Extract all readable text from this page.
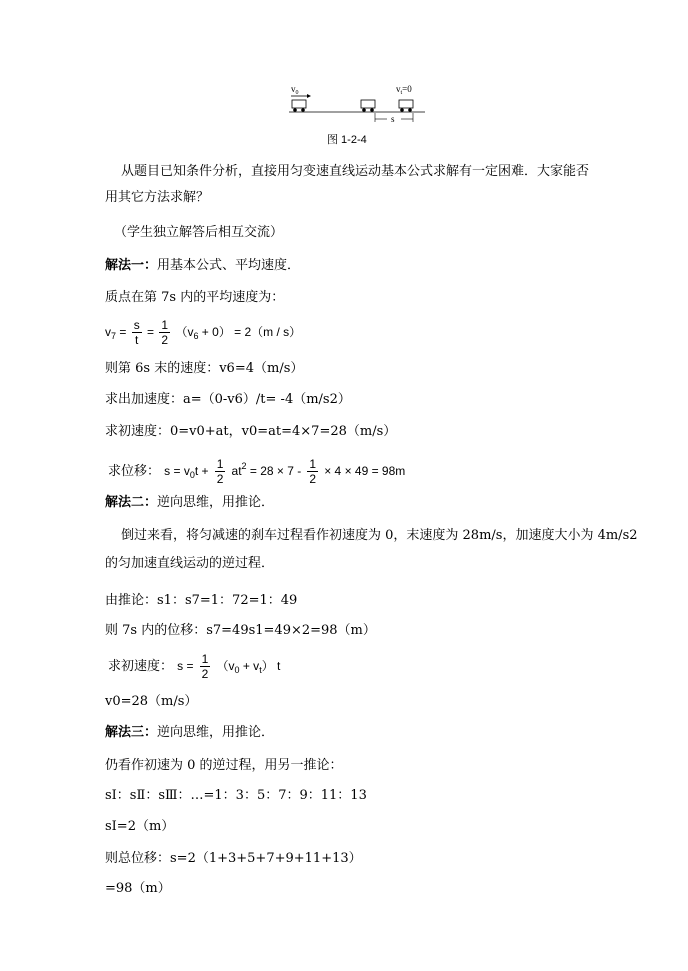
$v_0$	$v_t=0$
s
图 1-2-4
从题目已知条件分析，直接用匀变速直线运动基本公式求解有一定困难．大家能否
用其它方法求解？
（学生独立解答后相互交流）
解法一：用基本公式、平均速度．
质点在第 7s 内的平均速度为：
$v_7 = \frac{s}{t} = \frac{1}{2} (v_6 + 0) = 2(m / s)$
则第 6s 末的速度：v6=4（m/s）
求出加速度：a=（0-v6）/t= -4（m/s2）
求初速度：0=v0+at，v0=at=4×7=28（m/s）
求位移： $s = v_0t + \frac{1}{2} at^2 = 28 \times 7 - \frac{1}{2} \times 4 \times 49 = 98m$
解法二：逆向思维，用推论．
倒过来看，将匀减速的刹车过程看作初速度为 0，末速度为 28m/s，加速度大小为 4m/s2
的匀加速直线运动的逆过程．
由推论：s1：s7=1：72=1：49
则 7s 内的位移：s7=49s1=49×2=98（m）
求初速度： $s = \frac{1}{2} (v_0 + v_t)$ t
v0=28（m/s）
解法三：逆向思维，用推论．
仍看作初速为 0 的逆过程，用另一推论：
sⅠ：sⅡ：sⅢ：…=1：3：5：7：9：11：13
sⅠ=2（m）
则总位移：s=2（1+3+5+7+9+11+13）
=98（m）
